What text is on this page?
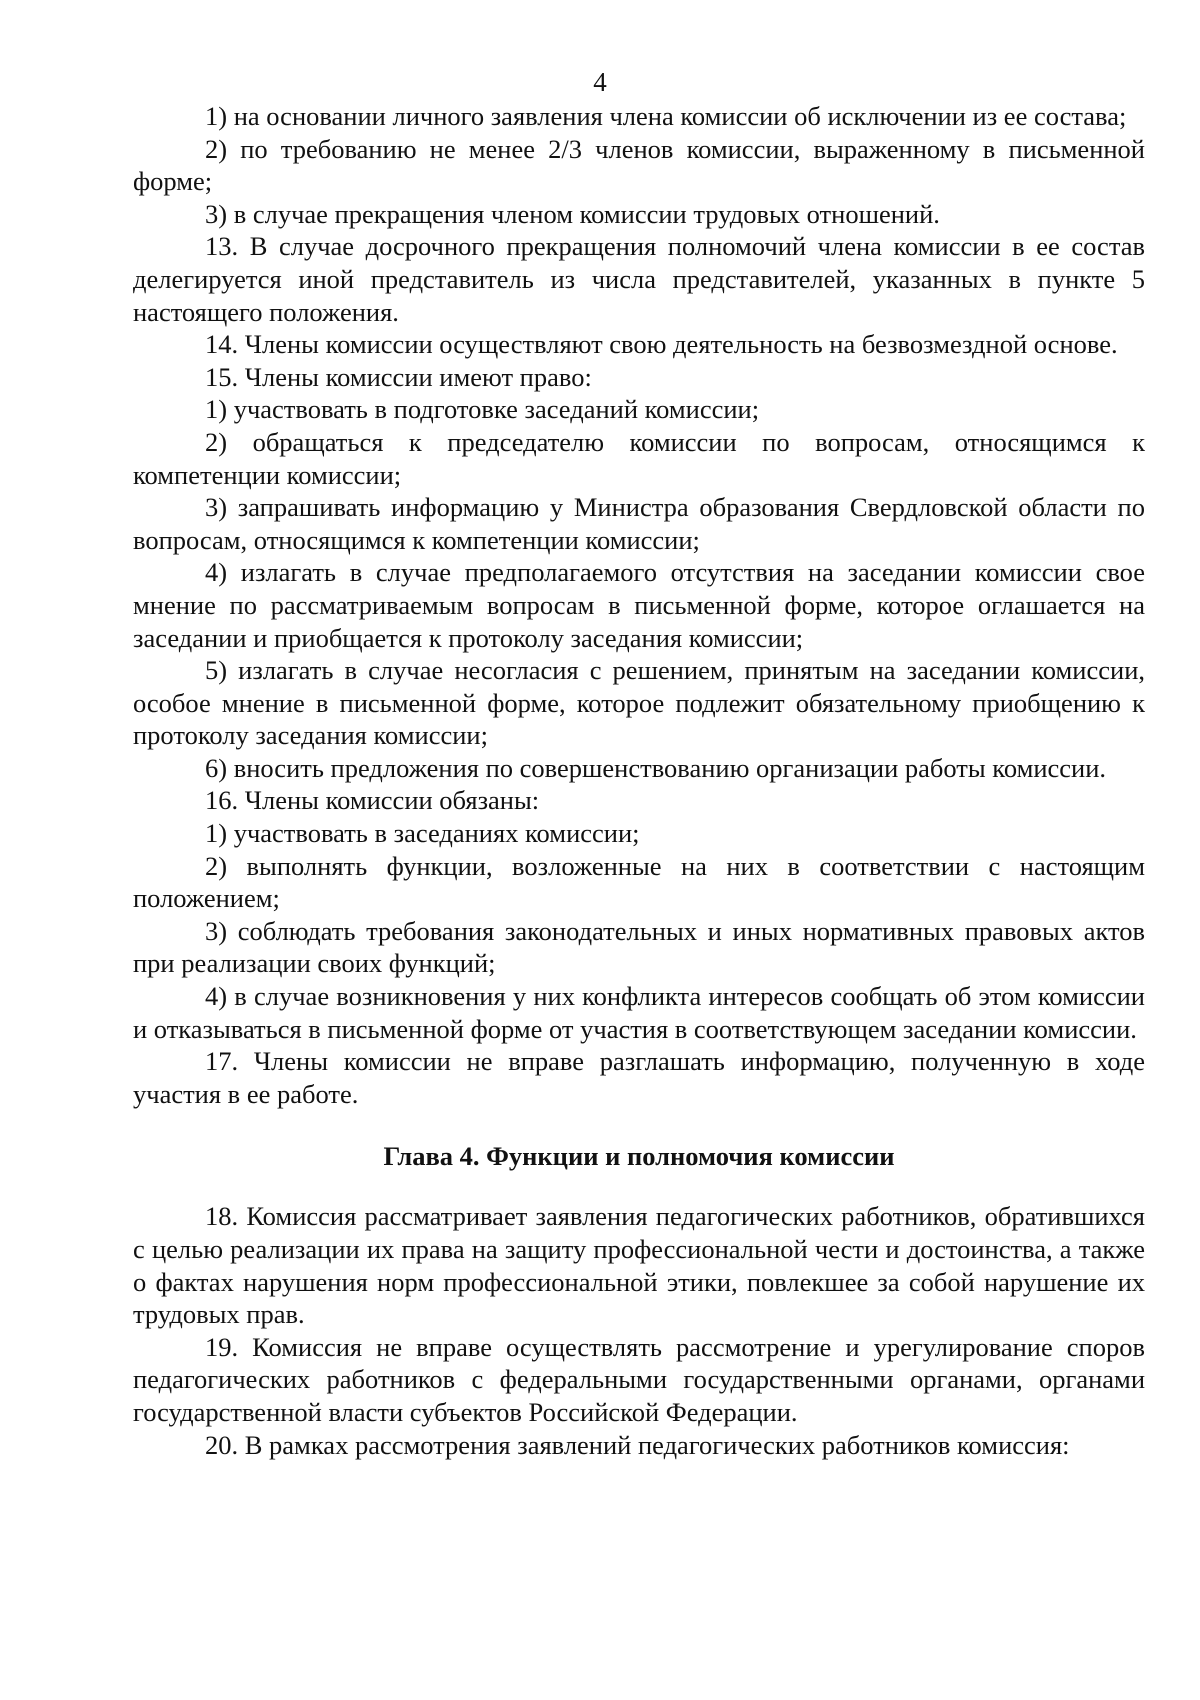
4

1) на основании личного заявления члена комиссии об исключении из ее состава;

2) по требованию не менее 2/3 членов комиссии, выраженному в письменной форме;

3) в случае прекращения членом комиссии трудовых отношений.

13. В случае досрочного прекращения полномочий члена комиссии в ее состав делегируется иной представитель из числа представителей, указанных в пункте 5 настоящего положения.

14. Члены комиссии осуществляют свою деятельность на безвозмездной основе.

15. Члены комиссии имеют право:

1) участвовать в подготовке заседаний комиссии;

2) обращаться к председателю комиссии по вопросам, относящимся к компетенции комиссии;

3) запрашивать информацию у Министра образования Свердловской области по вопросам, относящимся к компетенции комиссии;

4) излагать в случае предполагаемого отсутствия на заседании комиссии свое мнение по рассматриваемым вопросам в письменной форме, которое оглашается на заседании и приобщается к протоколу заседания комиссии;

5) излагать в случае несогласия с решением, принятым на заседании комиссии, особое мнение в письменной форме, которое подлежит обязательному приобщению к протоколу заседания комиссии;

6) вносить предложения по совершенствованию организации работы комиссии.

16. Члены комиссии обязаны:

1) участвовать в заседаниях комиссии;

2) выполнять функции, возложенные на них в соответствии с настоящим положением;

3) соблюдать требования законодательных и иных нормативных правовых актов при реализации своих функций;

4) в случае возникновения у них конфликта интересов сообщать об этом комиссии и отказываться в письменной форме от участия в соответствующем заседании комиссии.

17. Члены комиссии не вправе разглашать информацию, полученную в ходе участия в ее работе.

Глава 4. Функции и полномочия комиссии

18. Комиссия рассматривает заявления педагогических работников, обратившихся с целью реализации их права на защиту профессиональной чести и достоинства, а также о фактах нарушения норм профессиональной этики, повлекшее за собой нарушение их трудовых прав.

19. Комиссия не вправе осуществлять рассмотрение и урегулирование споров педагогических работников с федеральными государственными органами, органами государственной власти субъектов Российской Федерации.

20. В рамках рассмотрения заявлений педагогических работников комиссия:
